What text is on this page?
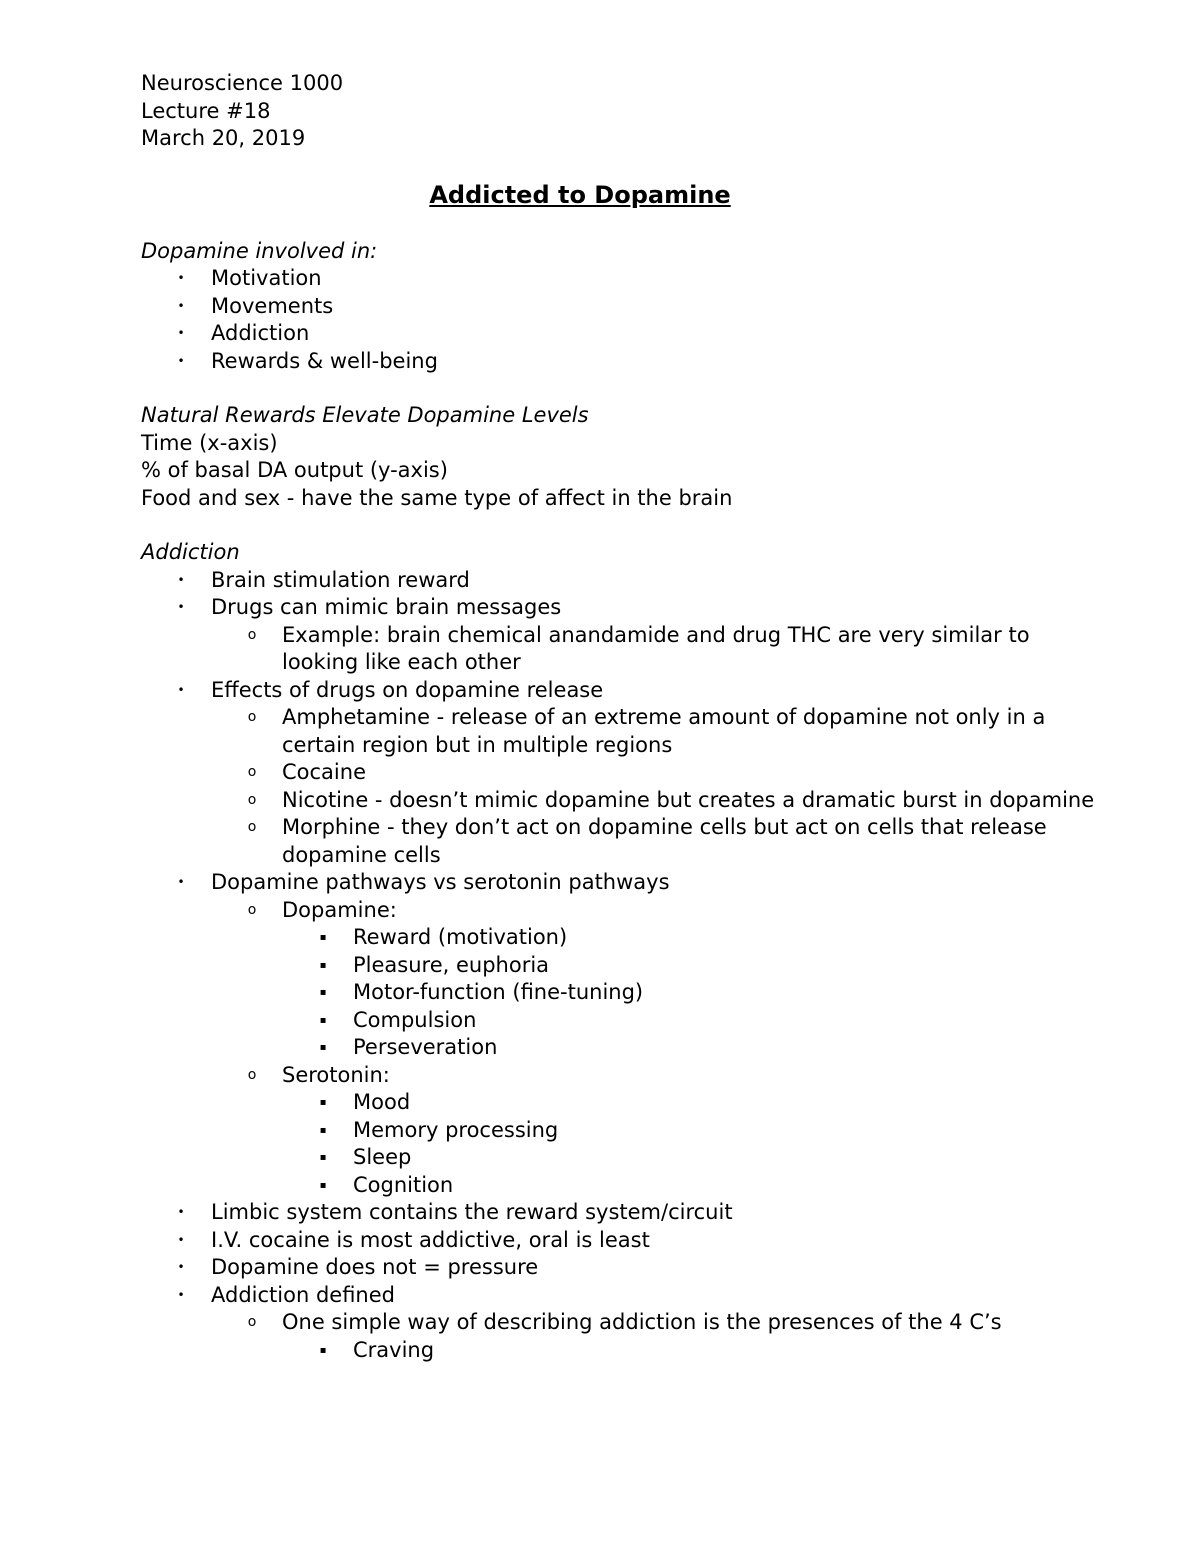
Neuroscience 1000
Lecture #18
March 20, 2019
Addicted to Dopamine
Dopamine involved in:
•	Motivation
•	Movements
•	Addiction
•	Rewards & well-being
Natural Rewards Elevate Dopamine Levels
Time (x-axis)
% of basal DA output (y-axis)
Food and sex - have the same type of affect in the brain
Addiction
•	Brain stimulation reward
•	Drugs can mimic brain messages
o Example: brain chemical anandamide and drug THC are very similar to looking like each other
•	Effects of drugs on dopamine release
o Amphetamine - release of an extreme amount of dopamine not only in a certain region but in multiple regions
o Cocaine
o Nicotine - doesn’t mimic dopamine but creates a dramatic burst in dopamine
o Morphine - they don’t act on dopamine cells but act on cells that release dopamine cells
•	Dopamine pathways vs serotonin pathways
o Dopamine:
▪	Reward (motivation)
▪	Pleasure, euphoria
▪	Motor-function (fine-tuning)
▪	Compulsion
▪	Perseveration
o Serotonin:
▪	Mood
▪	Memory processing
▪	Sleep
▪	Cognition
•	Limbic system contains the reward system/circuit
•	I.V. cocaine is most addictive, oral is least
•	Dopamine does not = pressure
•	Addiction defined
o One simple way of describing addiction is the presences of the 4 C’s
▪	Craving
